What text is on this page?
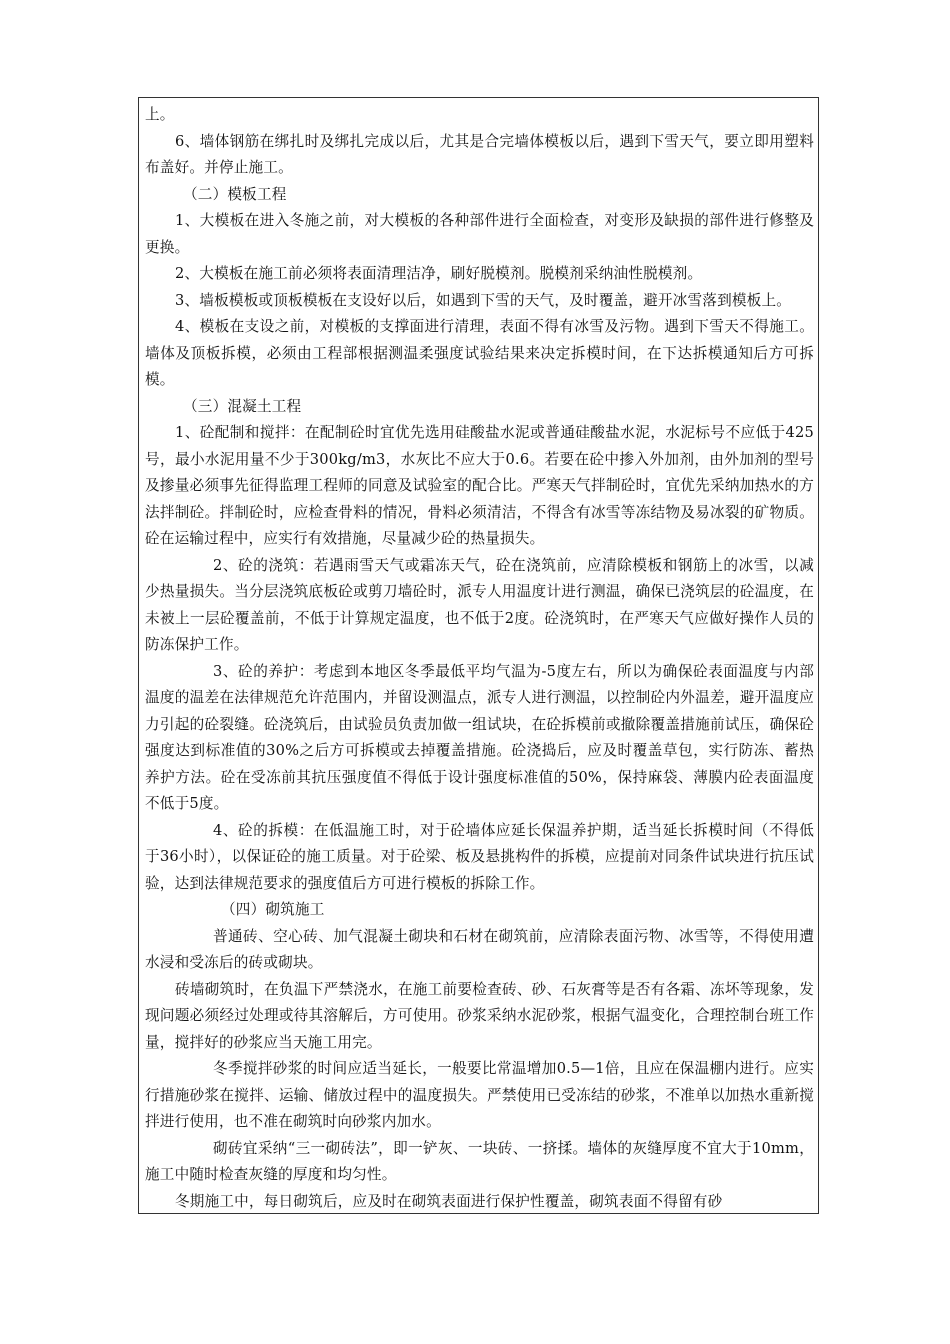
上。

6、墙体钢筋在绑扎时及绑扎完成以后，尤其是合完墙体模板以后，遇到下雪天气，要立即用塑料布盖好。并停止施工。

（二）模板工程

1、大模板在进入冬施之前，对大模板的各种部件进行全面检查，对变形及缺损的部件进行修整及更换。

2、大模板在施工前必须将表面清理洁净，刷好脱模剂。脱模剂采纳油性脱模剂。

3、墙板模板或顶板模板在支设好以后，如遇到下雪的天气，及时覆盖，避开冰雪落到模板上。

4、模板在支设之前，对模板的支撑面进行清理，表面不得有冰雪及污物。遇到下雪天不得施工。墙体及顶板拆模，必须由工程部根据测温柔强度试验结果来决定拆模时间，在下达拆模通知后方可拆模。

（三）混凝土工程

1、砼配制和搅拌：在配制砼时宜优先选用硅酸盐水泥或普通硅酸盐水泥，水泥标号不应低于425号，最小水泥用量不少于300kg/m3，水灰比不应大于0.6。若要在砼中掺入外加剂，由外加剂的型号及掺量必须事先征得监理工程师的同意及试验室的配合比。严寒天气拌制砼时，宜优先采纳加热水的方法拌制砼。拌制砼时，应检查骨料的情况，骨料必须清洁，不得含有冰雪等冻结物及易冰裂的矿物质。砼在运输过程中，应实行有效措施，尽量减少砼的热量损失。

2、砼的浇筑：若遇雨雪天气或霜冻天气，砼在浇筑前，应清除模板和钢筋上的冰雪，以减少热量损失。当分层浇筑底板砼或剪刀墙砼时，派专人用温度计进行测温，确保已浇筑层的砼温度，在未被上一层砼覆盖前，不低于计算规定温度，也不低于2度。砼浇筑时，在严寒天气应做好操作人员的防冻保护工作。

3、砼的养护：考虑到本地区冬季最低平均气温为-5度左右，所以为确保砼表面温度与内部温度的温差在法律规范允许范围内，并留设测温点，派专人进行测温，以控制砼内外温差，避开温度应力引起的砼裂缝。砼浇筑后，由试验员负责加做一组试块，在砼拆模前或撤除覆盖措施前试压，确保砼强度达到标准值的30%之后方可拆模或去掉覆盖措施。砼浇捣后，应及时覆盖草包，实行防冻、蓄热养护方法。砼在受冻前其抗压强度值不得低于设计强度标准值的50%，保持麻袋、薄膜内砼表面温度不低于5度。

4、砼的拆模：在低温施工时，对于砼墙体应延长保温养护期，适当延长拆模时间（不得低于36小时），以保证砼的施工质量。对于砼梁、板及悬挑构件的拆模，应提前对同条件试块进行抗压试验，达到法律规范要求的强度值后方可进行模板的拆除工作。

（四）砌筑施工

普通砖、空心砖、加气混凝土砌块和石材在砌筑前，应清除表面污物、冰雪等，不得使用遭水浸和受冻后的砖或砌块。

砖墙砌筑时，在负温下严禁浇水，在施工前要检查砖、砂、石灰膏等是否有各霜、冻坏等现象，发现问题必须经过处理或待其溶解后，方可使用。砂浆采纳水泥砂浆，根据气温变化，合理控制台班工作量，搅拌好的砂浆应当天施工用完。

冬季搅拌砂浆的时间应适当延长，一般要比常温增加0.5—1倍，且应在保温棚内进行。应实行措施砂浆在搅拌、运输、储放过程中的温度损失。严禁使用已受冻结的砂浆，不准单以加热水重新搅拌进行使用，也不准在砌筑时向砂浆内加水。

砌砖宜采纳“三一砌砖法”，即一铲灰、一块砖、一挤揉。墙体的灰缝厚度不宜大于10mm，施工中随时检查灰缝的厚度和均匀性。

冬期施工中，每日砌筑后，应及时在砌筑表面进行保护性覆盖，砌筑表面不得留有砂
